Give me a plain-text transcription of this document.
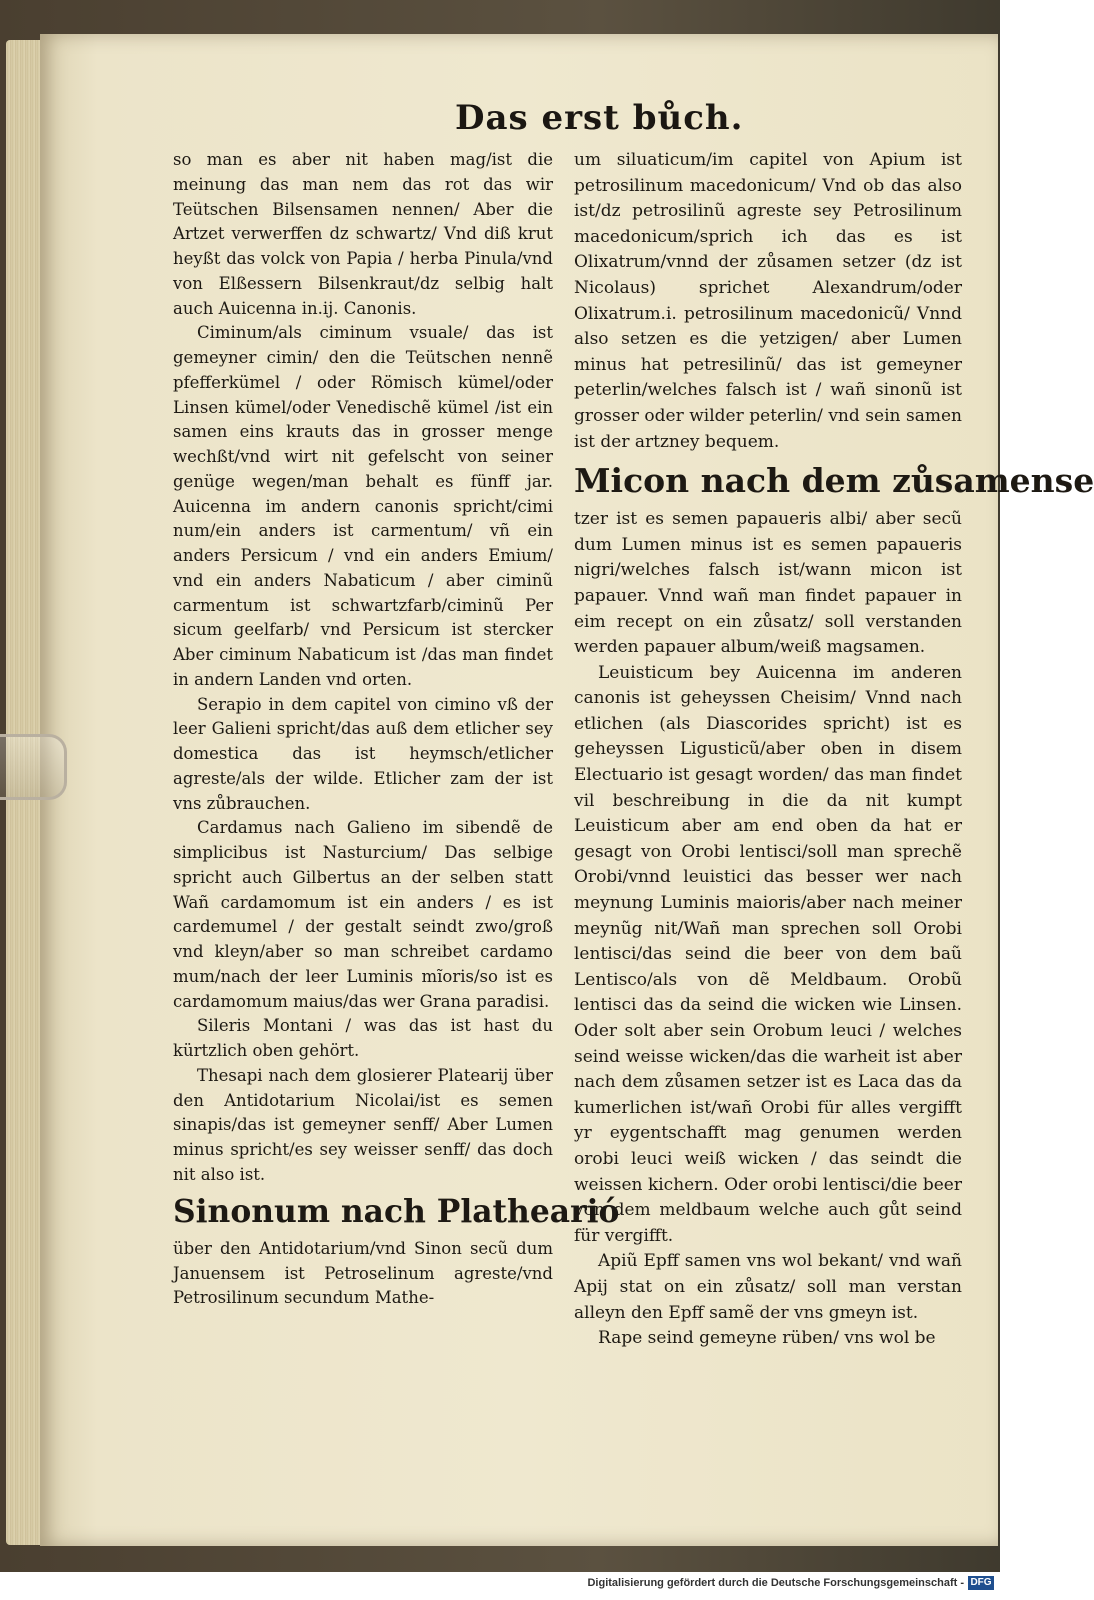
Das erst bůch.

so man es aber nit haben mag/ist die meinung das man nem das rot das wir Teütschen Bilsensamen nennen/ Aber die Artzet verwerffen dz schwartz/ Vnd diß krut heyßt das volck von Papia / herba Pinula/vnd von Elßessern Bilsenkraut/dz selbig halt auch Auicenna in.ij. Canonis.

Ciminum/als ciminum vsuale/ das ist gemeyner cimin/ den die Teütschen nennẽ pfefferkümel / oder Römisch kümel/oder Linsen kümel/oder Venedischẽ kümel /ist ein samen eins krauts das in grosser menge wechßt/vnd wirt nit gefelscht von seiner genüge wegen/man behalt es fünff jar. Auicenna im andern canonis spricht/cimi num/ein anders ist carmentum/ vñ ein anders Persicum / vnd ein anders Emium/ vnd ein anders Nabaticum / aber ciminũ carmentum ist schwartzfarb/ciminũ Per sicum geelfarb/ vnd Persicum ist stercker Aber ciminum Nabaticum ist /das man findet in andern Landen vnd orten.

Serapio in dem capitel von cimino vß der leer Galieni spricht/das auß dem etlicher sey domestica das ist heymsch/etlicher agreste/als der wilde. Etlicher zam der ist vns zůbrauchen.

Cardamus nach Galieno im sibendẽ de simplicibus ist Nasturcium/ Das selbige spricht auch Gilbertus an der selben statt Wañ cardamomum ist ein anders / es ist cardemumel / der gestalt seindt zwo/groß vnd kleyn/aber so man schreibet cardamo mum/nach der leer Luminis mĩoris/so ist es cardamomum maius/das wer Grana paradisi.

Sileris Montani / was das ist hast du kürtzlich oben gehört.

Thesapi nach dem glosierer Platearij über den Antidotarium Nicolai/ist es semen sinapis/das ist gemeyner senff/ Aber Lumen minus spricht/es sey weisser senff/ das doch nit also ist.

Sinonum nach Plathearió

über den Antidotarium/vnd Sinon secũ dum Januensem ist Petroselinum agreste/vnd Petrosilinum secundum Mathe-

um siluaticum/im capitel von Apium ist petrosilinum macedonicum/ Vnd ob das also ist/dz petrosilinũ agreste sey Petrosilinum macedonicum/sprich ich das es ist Olixatrum/vnnd der zůsamen setzer (dz ist Nicolaus) sprichet Alexandrum/oder Olixatrum.i. petrosilinum macedonicũ/ Vnnd also setzen es die yetzigen/ aber Lumen minus hat petresilinũ/ das ist gemeyner peterlin/welches falsch ist / wañ sinonũ ist grosser oder wilder peterlin/ vnd sein samen ist der artzney bequem.

Micon nach dem zůsamense

tzer ist es semen papaueris albi/ aber secũ dum Lumen minus ist es semen papaueris nigri/welches falsch ist/wann micon ist papauer. Vnnd wañ man findet papauer in eim recept on ein zůsatz/ soll verstanden werden papauer album/weiß magsamen.

Leuisticum bey Auicenna im anderen canonis ist geheyssen Cheisim/ Vnnd nach etlichen (als Diascorides spricht) ist es geheyssen Ligusticũ/aber oben in disem Electuario ist gesagt worden/ das man findet vil beschreibung in die da nit kumpt Leuisticum aber am end oben da hat er gesagt von Orobi lentisci/soll man sprechẽ Orobi/vnnd leuistici das besser wer nach meynung Luminis maioris/aber nach meiner meynũg nit/Wañ man sprechen soll Orobi lentisci/das seind die beer von dem baũ Lentisco/als von dẽ Meldbaum. Orobũ lentisci das da seind die wicken wie Linsen. Oder solt aber sein Orobum leuci / welches seind weisse wicken/das die warheit ist aber nach dem zůsamen setzer ist es Laca das da kumerlichen ist/wañ Orobi für alles vergifft yr eygentschafft mag genumen werden orobi leuci weiß wicken / das seindt die weissen kichern. Oder orobi lentisci/die beer von dem meldbaum welche auch gůt seind für vergifft.

Apiũ Epff samen vns wol bekant/ vnd wañ Apij stat on ein zůsatz/ soll man verstan alleyn den Epff samẽ der vns gmeyn ist.

Rape seind gemeyne rüben/ vns wol be

Digitalisierung gefördert durch die Deutsche Forschungsgemeinschaft - DFG
